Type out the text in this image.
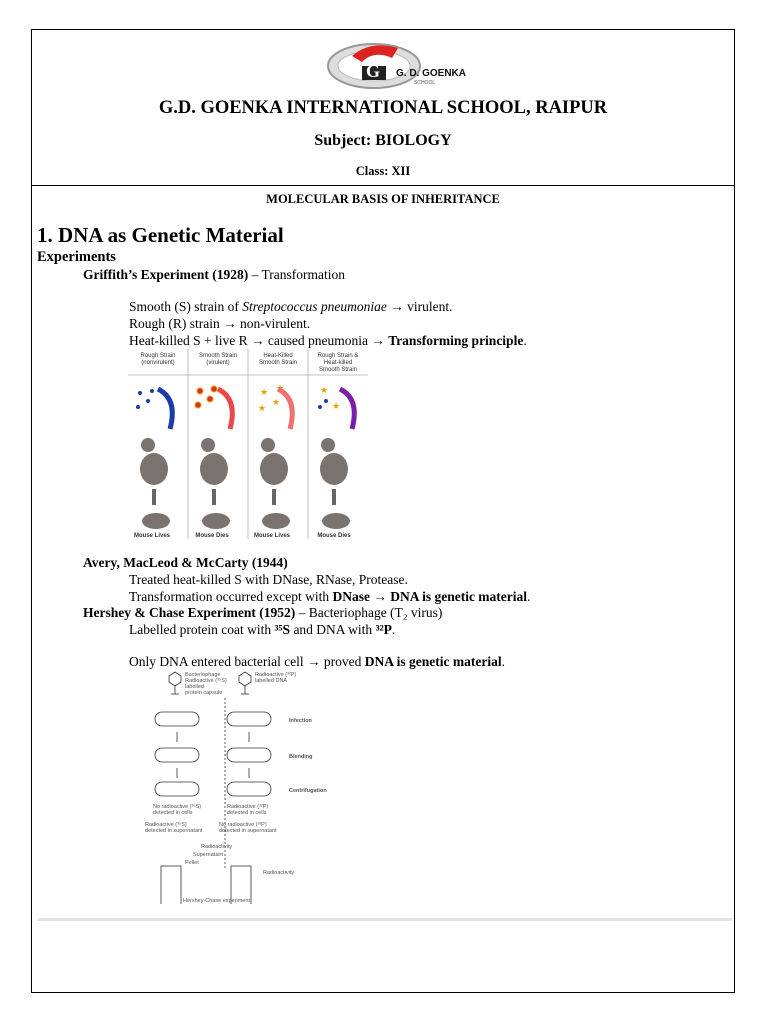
G G. D. GOENKA
SCHOOL
G.D. GOENKA INTERNATIONAL SCHOOL, RAIPUR
Subject: BIOLOGY
Class: XII
MOLECULAR BASIS OF INHERITANCE
1. DNA as Genetic Material
Experiments
Griffith’s Experiment (1928) – Transformation
Smooth (S) strain of Streptococcus pneumoniae → virulent.
Rough (R) strain → non-virulent.
Heat-killed S + live R → caused pneumonia → Transforming principle.
Rough Strain
(nonvirulent)
Mouse Lives
Smooth Strain
(virulent)
Mouse Dies
Heat-Killed
Smooth Strain
★
★
★
★
Mouse Lives
Rough Strain &
Heat-killed
Smooth Strain
★
★
Mouse Dies
Avery, MacLeod & McCarty (1944)
Treated heat-killed S with DNase, RNase, Protease.
Transformation occurred except with DNase → DNA is genetic material.
Hershey & Chase Experiment (1952) – Bacteriophage (T₂ virus)
Labelled protein coat with ³⁵S and DNA with ³²P.
Only DNA entered bacterial cell → proved DNA is genetic material.
Bacteriophage
Radioactive (³⁵S)
labelled
protein capsule
Radioactive (³²P)
labelled DNA
Infection
Blending
Centrifugation
No radioactive (³⁵S)
detected in cells
Radioactive (³²P)
detected in cells
Radioactive (³⁵S)
detected in supernatant
No radioactive (³²P)
detected in supernatant
Radioactivity
Supernatant
Pellet
Radioactivity
Hershey-Chase experiment
